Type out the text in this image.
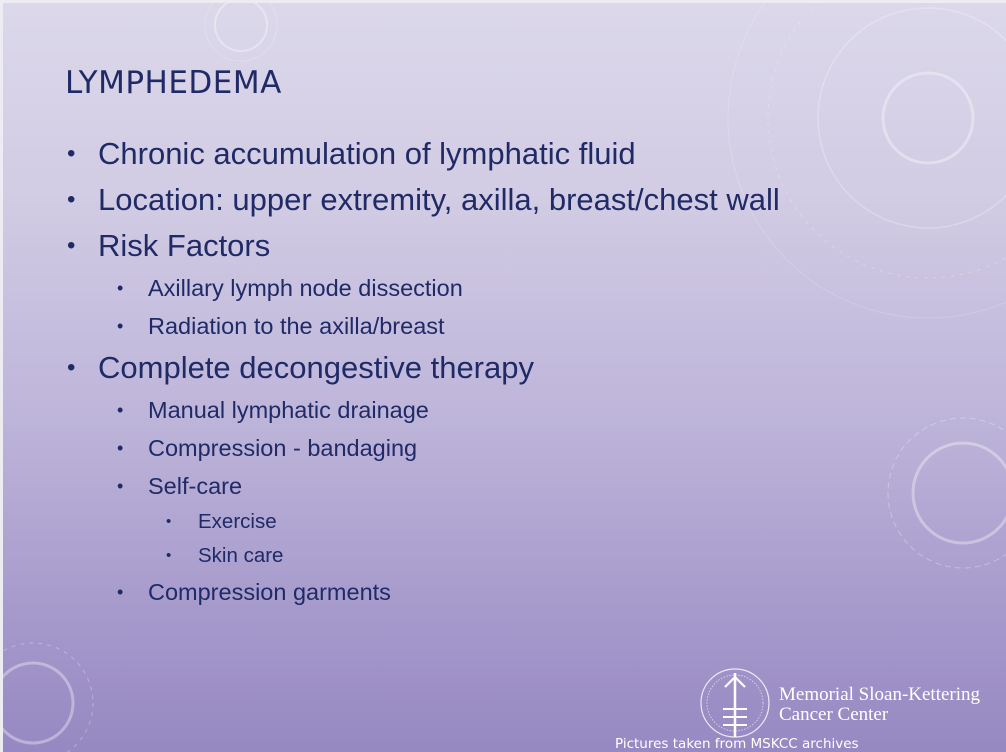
LYMPHEDEMA
• Chronic accumulation of lymphatic fluid
• Location: upper extremity, axilla, breast/chest wall
• Risk Factors
• Axillary lymph node dissection
• Radiation to the axilla/breast
• Complete decongestive therapy
• Manual lymphatic drainage
• Compression - bandaging
• Self-care
• Exercise
• Skin care
• Compression garments
Memorial Sloan-Kettering
Cancer Center
Pictures taken from MSKCC archives
